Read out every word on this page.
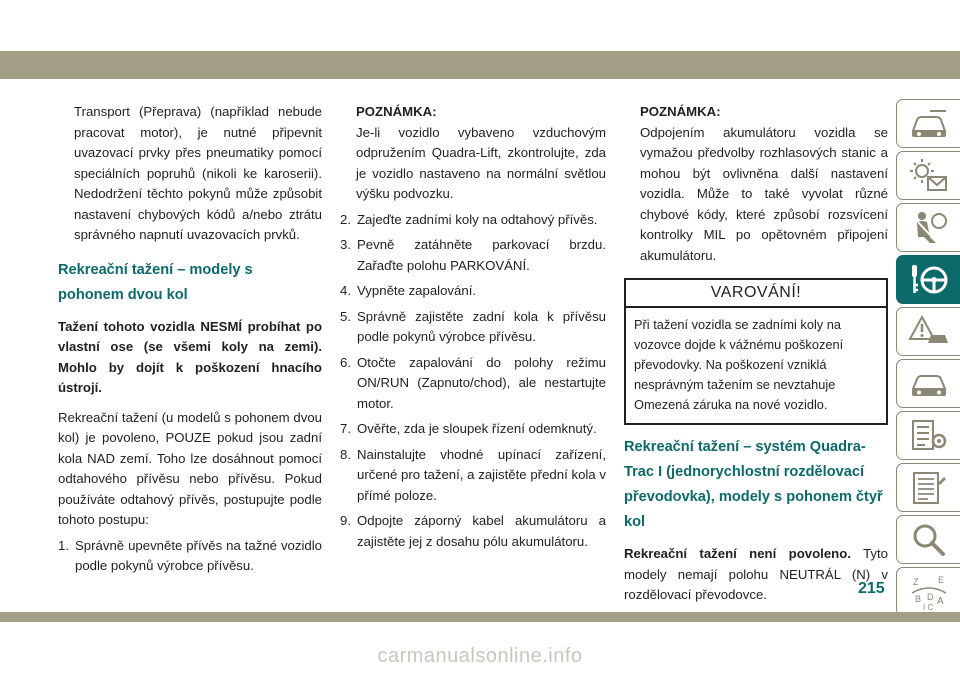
Transport (Přeprava) (například nebude pracovat motor), je nutné připevnit uvazovací prvky přes pneumatiky pomocí speciálních popruhů (nikoli ke karoserii). Nedodržení těchto pokynů může způsobit nastavení chybových kódů a/nebo ztrátu správného napnutí uvazovacích prvků.

Rekreační tažení – modely s pohonem dvou kol

Tažení tohoto vozidla NESMÍ probíhat po vlastní ose (se všemi koly na zemi). Mohlo by dojít k poškození hnacího ústrojí.

Rekreační tažení (u modelů s pohonem dvou kol) je povoleno, POUZE pokud jsou zadní kola NAD zemí. Toho lze dosáhnout pomocí odtahového přívěsu nebo přívěsu. Pokud používáte odtahový přívěs, postupujte podle tohoto postupu:

1. Správně upevněte přívěs na tažné vozidlo podle pokynů výrobce přívěsu.

POZNÁMKA:

Je-li vozidlo vybaveno vzduchovým odpružením Quadra-Lift, zkontrolujte, zda je vozidlo nastaveno na normální světlou výšku podvozku.

2. Zajeďte zadními koly na odtahový přívěs.
3. Pevně zatáhněte parkovací brzdu. Zařaďte polohu PARKOVÁNÍ.
4. Vypněte zapalování.
5. Správně zajistěte zadní kola k přívěsu podle pokynů výrobce přívěsu.
6. Otočte zapalování do polohy režimu ON/RUN (Zapnuto/chod), ale nestartujte motor.
7. Ověřte, zda je sloupek řízení odemknutý.
8. Nainstalujte vhodné upínací zařízení, určené pro tažení, a zajistěte přední kola v přímé poloze.
9. Odpojte záporný kabel akumulátoru a zajistěte jej z dosahu pólu akumulátoru.

POZNÁMKA:

Odpojením akumulátoru vozidla se vymažou předvolby rozhlasových stanic a mohou být ovlivněna další nastavení vozidla. Může to také vyvolat různé chybové kódy, které způsobí rozsvícení kontrolky MIL po opětovném připojení akumulátoru.

VAROVÁNÍ!
Při tažení vozidla se zadními koly na vozovce dojde k vážnému poškození převodovky. Na poškození vzniklá nesprávným tažením se nevztahuje Omezená záruka na nové vozidlo.

Rekreační tažení – systém Quadra-Trac I (jednorychlostní rozdělovací převodovka), modely s pohonem čtyř kol

Rekreační tažení není povoleno. Tyto modely nemají polohu NEUTRÁL (N) v rozdělovací převodovce.

Z E
B D A
I C
215
carmanualsonline.info
